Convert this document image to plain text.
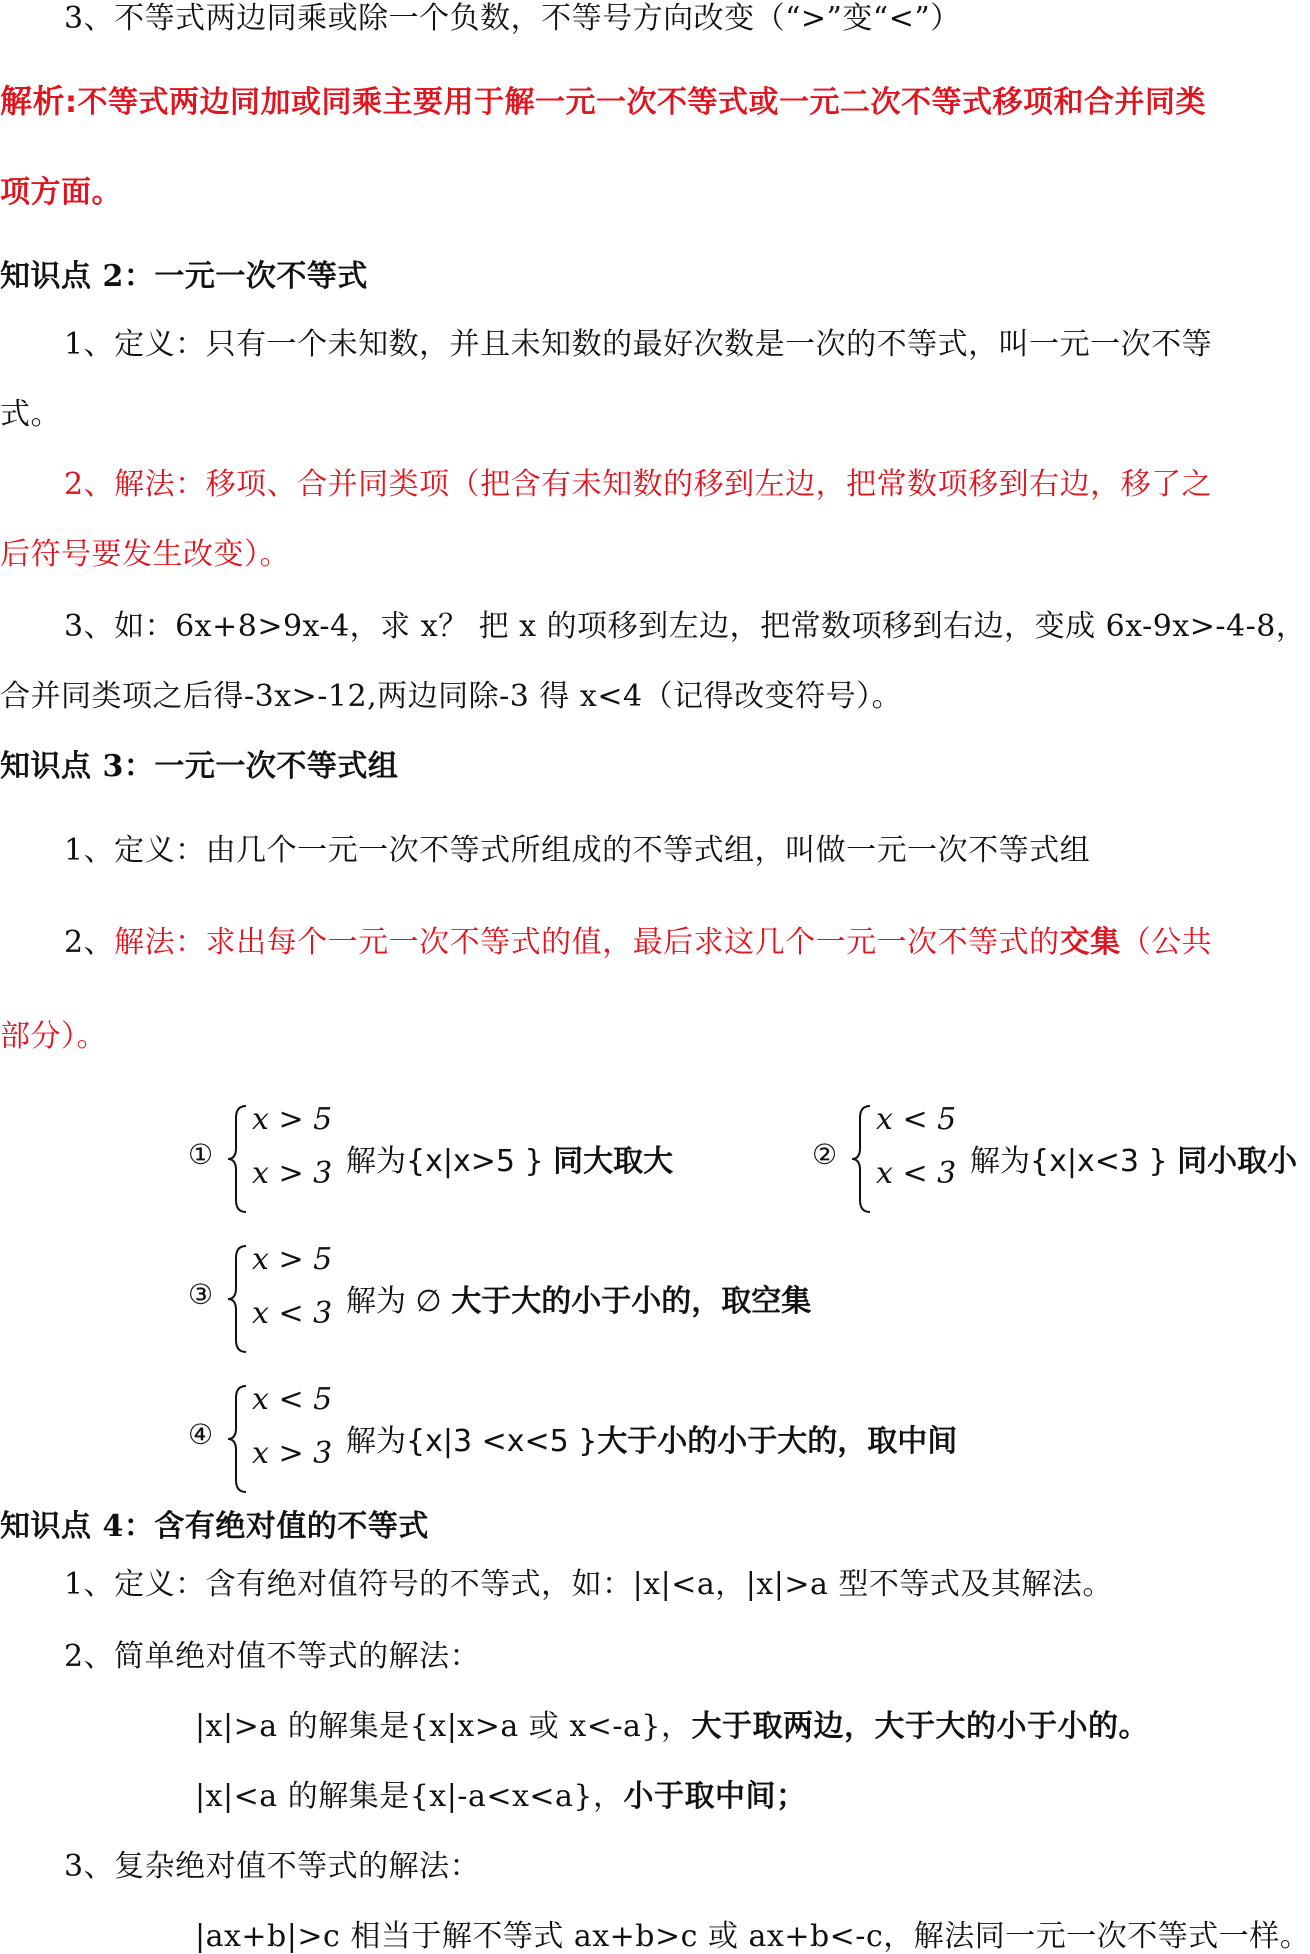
3、不等式两边同乘或除一个负数，不等号方向改变（“>”变“<”）
解析:不等式两边同加或同乘主要用于解一元一次不等式或一元二次不等式移项和合并同类
项方面。
知识点 2：一元一次不等式
1、定义：只有一个未知数，并且未知数的最好次数是一次的不等式，叫一元一次不等
式。
2、解法：移项、合并同类项（把含有未知数的移到左边，把常数项移到右边，移了之
后符号要发生改变）。
3、如：6x+8>9x-4，求 x？ 把 x 的项移到左边，把常数项移到右边，变成 6x-9x>-4-8，
合并同类项之后得-3x>-12,两边同除-3 得 x<4（记得改变符号）。
知识点 3：一元一次不等式组
1、定义：由几个一元一次不等式所组成的不等式组，叫做一元一次不等式组
2、解法：求出每个一元一次不等式的值，最后求这几个一元一次不等式的交集（公共
部分）。
①
x > 5
x > 3 解为{x|x>5 } 同大取大	②
x < 5
x < 3 解为{x|x<3 } 同小取小
③
x > 5
x < 3 解为 ∅ 大于大的小于小的，取空集
④
x < 5
x > 3 解为{x|3 <x<5 }大于小的小于大的，取中间
知识点 4：含有绝对值的不等式
1、定义：含有绝对值符号的不等式，如：|x|<a，|x|>a 型不等式及其解法。
2、简单绝对值不等式的解法：
|x|>a 的解集是{x|x>a 或 x<-a}，大于取两边，大于大的小于小的。
|x|<a 的解集是{x|-a<x<a}，小于取中间；
3、复杂绝对值不等式的解法：
|ax+b|>c 相当于解不等式 ax+b>c 或 ax+b<-c，解法同一元一次不等式一样。
